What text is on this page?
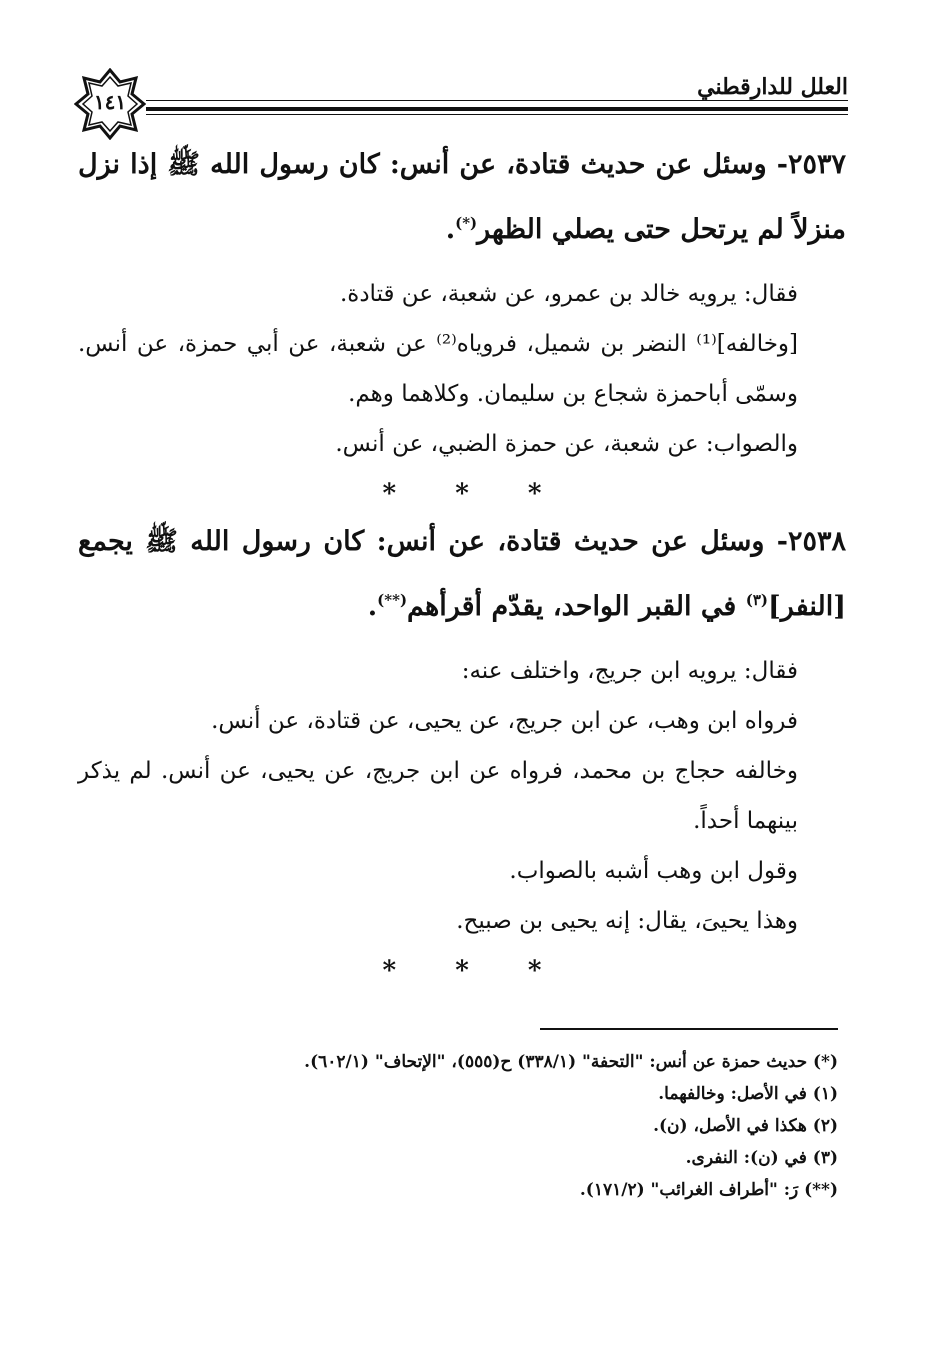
١٤١
العلل للدارقطني

٢٥٣٧- وسئل عن حديث قتادة، عن أنس: كان رسول الله ﷺ إذا نزل منزلاً لم يرتحل حتى يصلي الظهر(*).

فقال: يرويه خالد بن عمرو، عن شعبة، عن قتادة.

[وخالفه]⁽¹⁾ النضر بن شميل، فروياه⁽²⁾ عن شعبة، عن أبي حمزة، عن أنس. وسمّى أباحمزة شجاع بن سليمان. وكلاهما وهم.

والصواب: عن شعبة، عن حمزة الضبي، عن أنس.

* * *

٢٥٣٨- وسئل عن حديث قتادة، عن أنس: كان رسول الله ﷺ يجمع [النفر]$^{(٣)}$ في القبر الواحد، يقدّم أقرأهم(**).

فقال: يرويه ابن جريج، واختلف عنه:

فرواه ابن وهب، عن ابن جريج، عن يحيى، عن قتادة، عن أنس.

وخالفه حجاج بن محمد، فرواه عن ابن جريج، عن يحيى، عن أنس. لم يذكر بينهما أحداً.

وقول ابن وهب أشبه بالصواب.

وهذا يحيىَ، يقال: إنه يحيى بن صبيح.

* * *

(*) حديث حمزة عن أنس: "التحفة" (٣٣٨/١) ح(٥٥٥)، "الإتحاف" (٦٠٢/١).

(١) في الأصل: وخالفهما.

(٢) هكذا في الأصل، (ن).

(٣) في (ن): النفرى.

(**) رَ: "أطراف الغرائب" (١٧١/٢).
